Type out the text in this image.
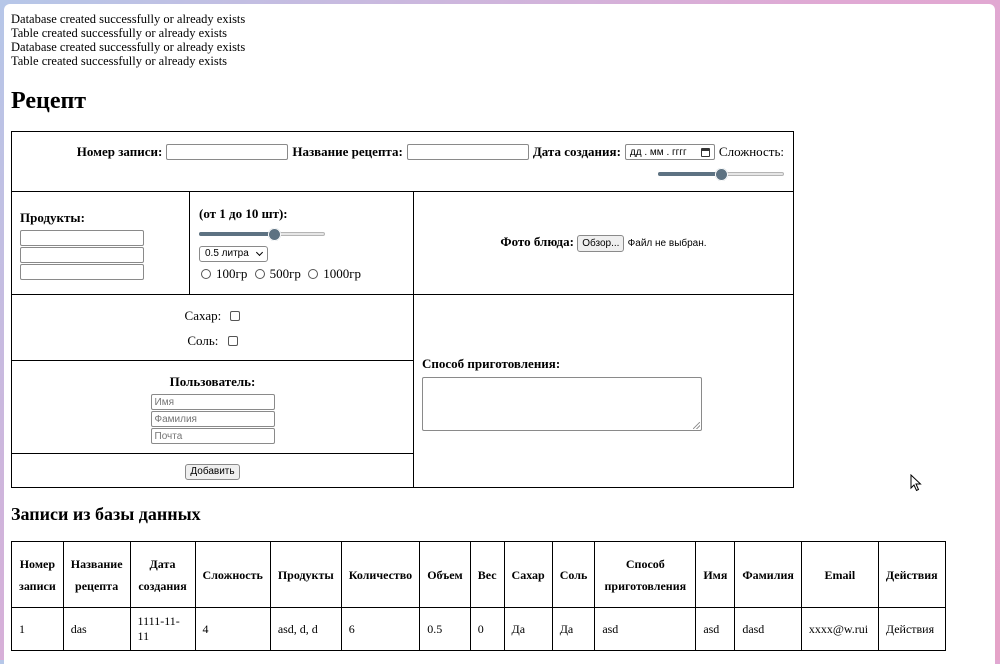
Database created successfully or already exists
Table created successfully or already exists
Database created successfully or already exists
Table created successfully or already exists
Рецепт
Номер записи:	Название рецепта:	Дата создания: дд . мм . гггг Сложность:
Продукты:	(от 1 до 10 шт):
0.5 литра
100гр 500гр 1000гр
Фото блюда: Обзор... Файл не выбран.
Сахар:
Соль:
Пользователь:
Имя
Фамилия
Почта
Добавить
Способ приготовления:
Записи из базы данных
Номер записи	Название рецепта	Дата создания	Сложность	Продукты	Количество	Объем	Вес	Сахар	Соль	Способ приготовления	Имя	Фамилия	Email	Действия
1	das	1111-11-11	4	asd, d, d	6	0.5	0	Да	Да	asd	asd	dasd	xxxx@w.rui	Действия
